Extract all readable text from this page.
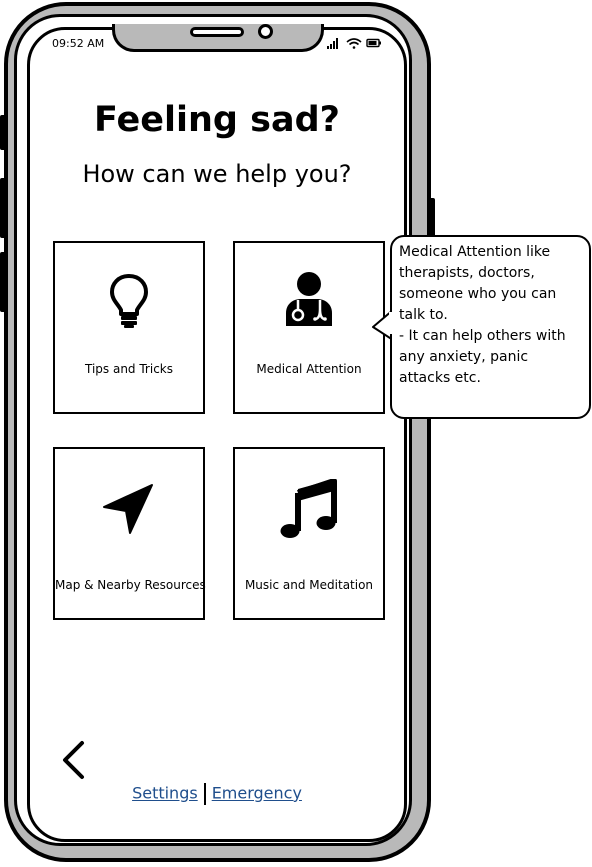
09:52 AM
Feeling sad?
How can we help you?
Tips and Tricks	Medical Attention
Map & Nearby Resources	Music and Meditation
Settings Emergency
Medical Attention like therapists, doctors, someone who you can talk to.
- It can help others with any anxiety, panic attacks etc.
